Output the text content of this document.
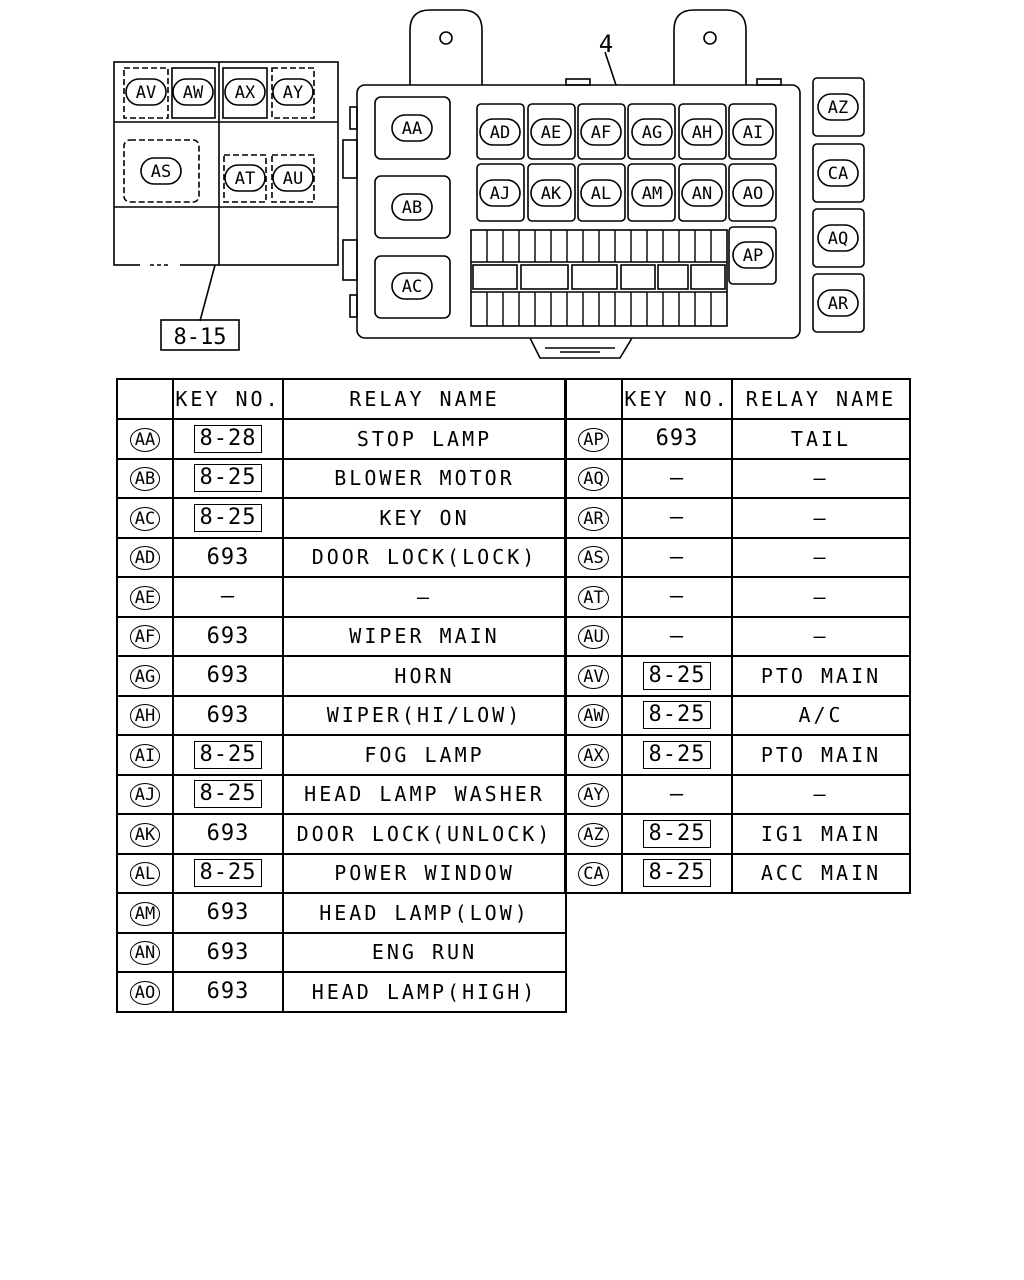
AV AW AX AY
AS	AT AU
8-15
AA
AB
AC
AD AE AF AG AH AI
AJ AK AL AM AN AO
AP
4
AZ
CA
AQ
AR
	KEY NO.	RELAY NAME
AA	8-28	STOP LAMP
AB	8-25	BLOWER MOTOR
AC	8-25	KEY ON
AD	693	DOOR LOCK(LOCK)
AE	—	—
AF	693	WIPER MAIN
AG	693	HORN
AH	693	WIPER(HI/LOW)
AI	8-25	FOG LAMP
AJ	8-25	HEAD LAMP WASHER
AK	693	DOOR LOCK(UNLOCK)
AL	8-25	POWER WINDOW
AM	693	HEAD LAMP(LOW)
AN	693	ENG RUN
AO	693	HEAD LAMP(HIGH)
	KEY NO.	RELAY NAME
AP	693	TAIL
AQ	—	—
AR	—	—
AS	—	—
AT	—	—
AU	—	—
AV	8-25	PTO MAIN
AW	8-25	A/C
AX	8-25	PTO MAIN
AY	—	—
AZ	8-25	IG1 MAIN
CA	8-25	ACC MAIN
